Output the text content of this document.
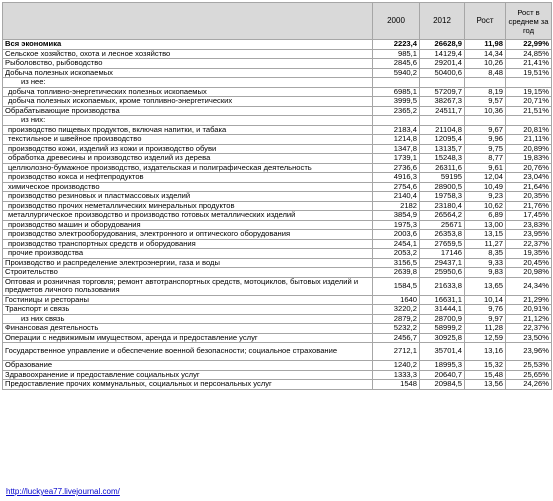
	2000	2012	Рост	Рост в среднем за год
Вся экономика	2223,4	26628,9	11,98	22,99%
Сельское хозяйство, охота и лесное хозяйство	985,1	14129,4	14,34	24,85%
Рыболовство, рыбоводство	2845,6	29201,4	10,26	21,41%
Добыча полезных ископаемых	5940,2	50400,6	8,48	19,51%
из нее:				
добыча топливно-энергетических полезных ископаемых	6985,1	57209,7	8,19	19,15%
добыча полезных ископаемых, кроме топливно-энергетических	3999,5	38267,3	9,57	20,71%
Обрабатывающие производства	2365,2	24511,7	10,36	21,51%
из них:				
производство пищевых продуктов, включая напитки, и табака	2183,4	21104,8	9,67	20,81%
текстильное и швейное производство	1214,8	12095,4	9,96	21,11%
производство кожи, изделий из кожи и производство обуви	1347,8	13135,7	9,75	20,89%
обработка древесины и производство изделий из дерева	1739,1	15248,3	8,77	19,83%
целлюлозно-бумажное производство, издательская и полиграфическая деятельность	2736,6	26311,6	9,61	20,76%
производство кокса и нефтепродуктов	4916,3	59195	12,04	23,04%
химическое производство	2754,6	28900,5	10,49	21,64%
производство резиновых и пластмассовых изделий	2140,4	19758,3	9,23	20,35%
производство прочих неметаллических минеральных продуктов	2182	23180,4	10,62	21,76%
металлургическое производство и производство готовых металлических изделий	3854,9	26564,2	6,89	17,45%
производство машин и оборудования	1975,3	25671	13,00	23,83%
производство электрооборудования, электронного и оптического оборудования	2003,6	26353,8	13,15	23,95%
производство транспортных средств и оборудования	2454,1	27659,5	11,27	22,37%
прочие производства	2053,2	17146	8,35	19,35%
Производство и распределение электроэнергии, газа и воды	3156,5	29437,1	9,33	20,45%
Строительство	2639,8	25950,6	9,83	20,98%
Оптовая и розничная торговля; ремонт автотранспортных средств, мотоциклов, бытовых изделий и предметов личного пользования	1584,5	21633,8	13,65	24,34%
Гостиницы и рестораны	1640	16631,1	10,14	21,29%
Транспорт и связь	3220,2	31444,1	9,76	20,91%
из них связь	2879,2	28700,9	9,97	21,12%
Финансовая деятельность	5232,2	58999,2	11,28	22,37%
Операции с недвижимым имуществом, аренда и предоставление услуг	2456,7	30925,8	12,59	23,50%
Государственное управление и обеспечение военной безопасности; социальное страхование	2712,1	35701,4	13,16	23,96%
Образование	1240,2	18995,3	15,32	25,53%
Здравоохранение и предоставление социальных услуг	1333,3	20640,7	15,48	25,65%
Предоставление прочих коммунальных, социальных и персональных услуг	1548	20984,5	13,56	24,26%
http://luckyea77.livejournal.com/
